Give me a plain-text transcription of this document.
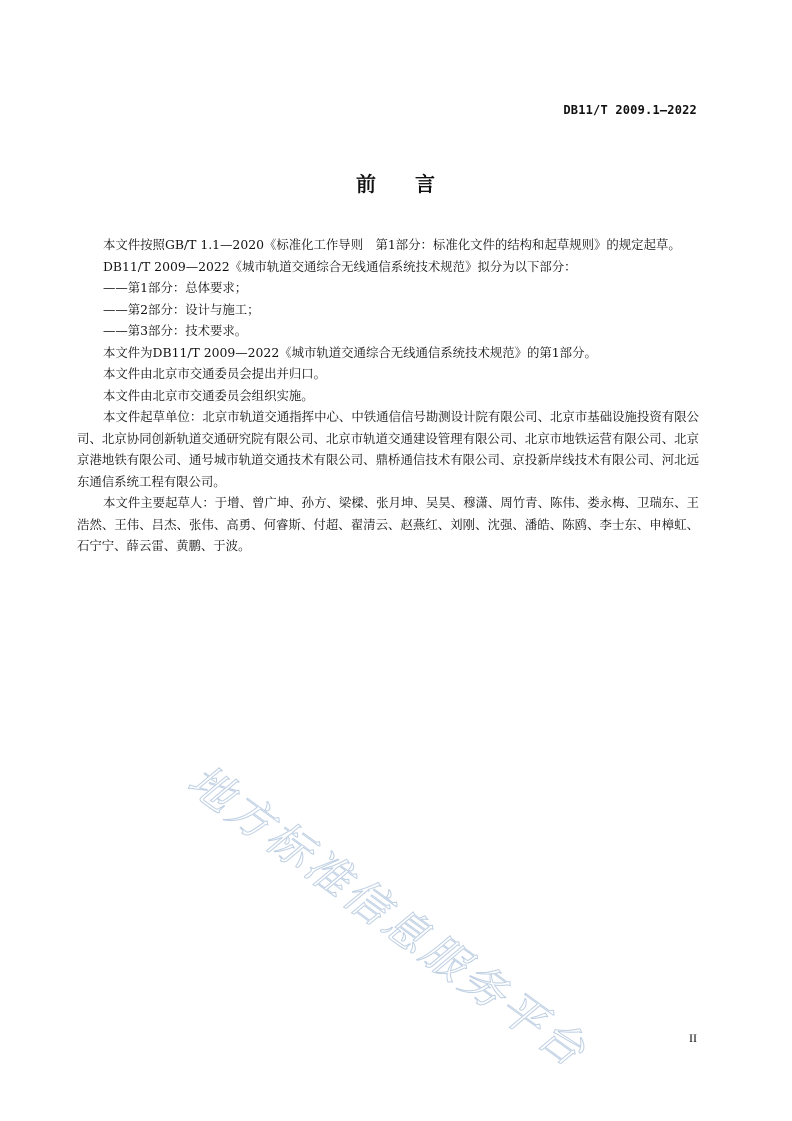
DB11/T 2009.1—2022
前 言

本文件按照GB/T 1.1—2020《标准化工作导则　第1部分：标准化文件的结构和起草规则》的规定起草。

DB11/T 2009—2022《城市轨道交通综合无线通信系统技术规范》拟分为以下部分：

——第1部分：总体要求；

——第2部分：设计与施工；

——第3部分：技术要求。

本文件为DB11/T 2009—2022《城市轨道交通综合无线通信系统技术规范》的第1部分。

本文件由北京市交通委员会提出并归口。

本文件由北京市交通委员会组织实施。

本文件起草单位：北京市轨道交通指挥中心、中铁通信信号勘测设计院有限公司、北京市基础设施投资有限公司、北京协同创新轨道交通研究院有限公司、北京市轨道交通建设管理有限公司、北京市地铁运营有限公司、北京京港地铁有限公司、通号城市轨道交通技术有限公司、鼎桥通信技术有限公司、京投新岸线技术有限公司、河北远东通信系统工程有限公司。

本文件主要起草人：于增、曾广坤、孙方、梁樑、张月坤、吴昊、穆潇、周竹青、陈伟、娄永梅、卫瑞东、王浩然、王伟、吕杰、张伟、高勇、何睿斯、付超、翟清云、赵燕红、刘刚、沈强、潘皓、陈鸥、李士东、申樟虹、石宁宁、薛云雷、黄鹏、于波。

地方标准信息服务平台	II
